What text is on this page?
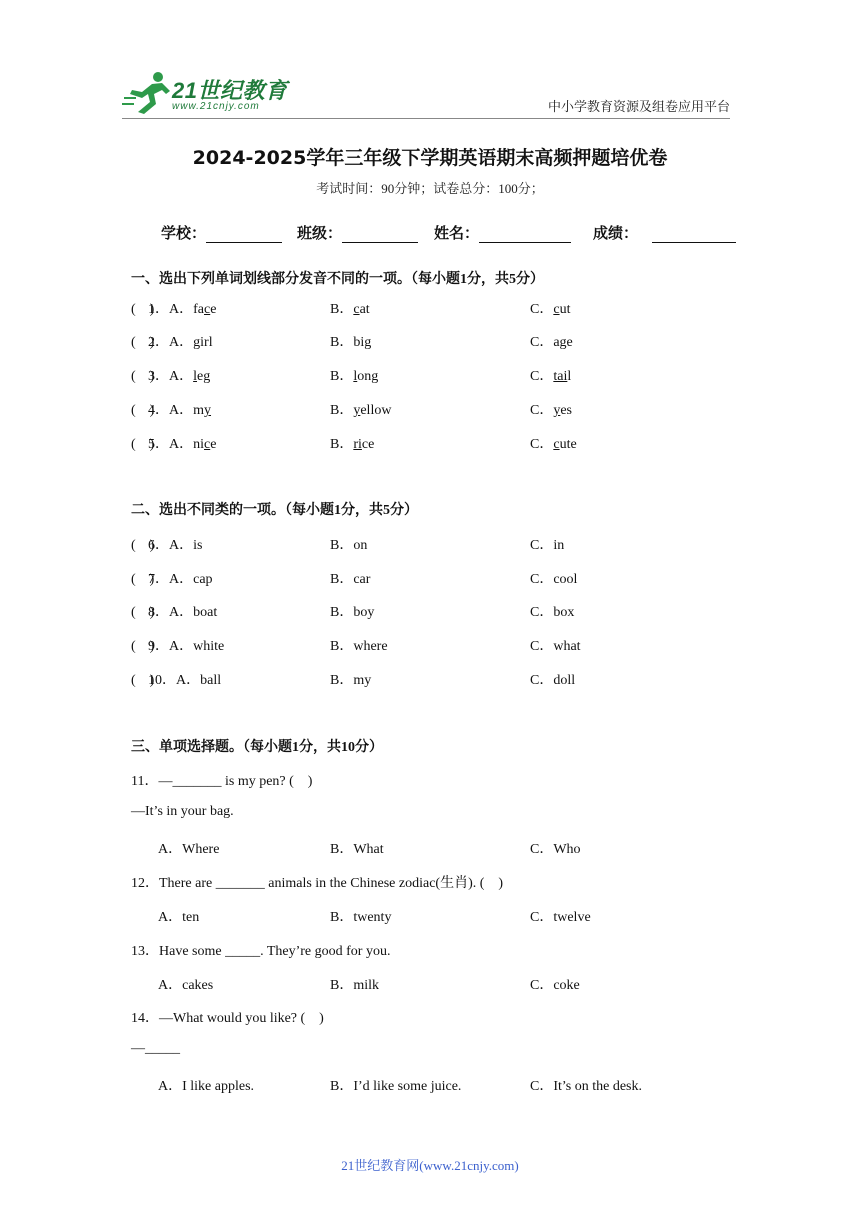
21世纪教育
www.21cnjy.com	中小学教育资源及组卷应用平台
2024-2025学年三年级下学期英语期末高频押题培优卷
考试时间：90分钟；试卷总分：100分；
学校：	班级：	姓名：	成绩：
一、选出下列单词划线部分发音不同的一项。（每小题1分，共5分）
(　)
1．A．face	B．cat	C．cut
(　)
2．A．girl	B．big	C．age
(　)
3．A．leg	B．long	C．tail
(　)
4．A．my	B．yellow	C．yes
(　)
5．A．nice	B．rice	C．cute
二、选出不同类的一项。（每小题1分，共5分）
(　)
6．A．is	B．on	C．in
(　)
7．A．cap	B．car	C．cool
(　)
8．A．boat	B．boy	C．box
(　)
9．A．white	B．where	C．what
(　)
10．A．ball	B．my	C．doll
三、单项选择题。（每小题1分，共10分）
11．—_______ is my pen? (　)
—It’s in your bag.
A．Where	B．What	C．Who
12．There are _______ animals in the Chinese zodiac(生肖). (　)
A．ten	B．twenty	C．twelve
13．Have some _____. They’re good for you.
A．cakes	B．milk	C．coke
14．—What would you like? (　)
—_____
A．I like apples.	B．I’d like some juice.	C．It’s on the desk.
21世纪教育网(www.21cnjy.com)
